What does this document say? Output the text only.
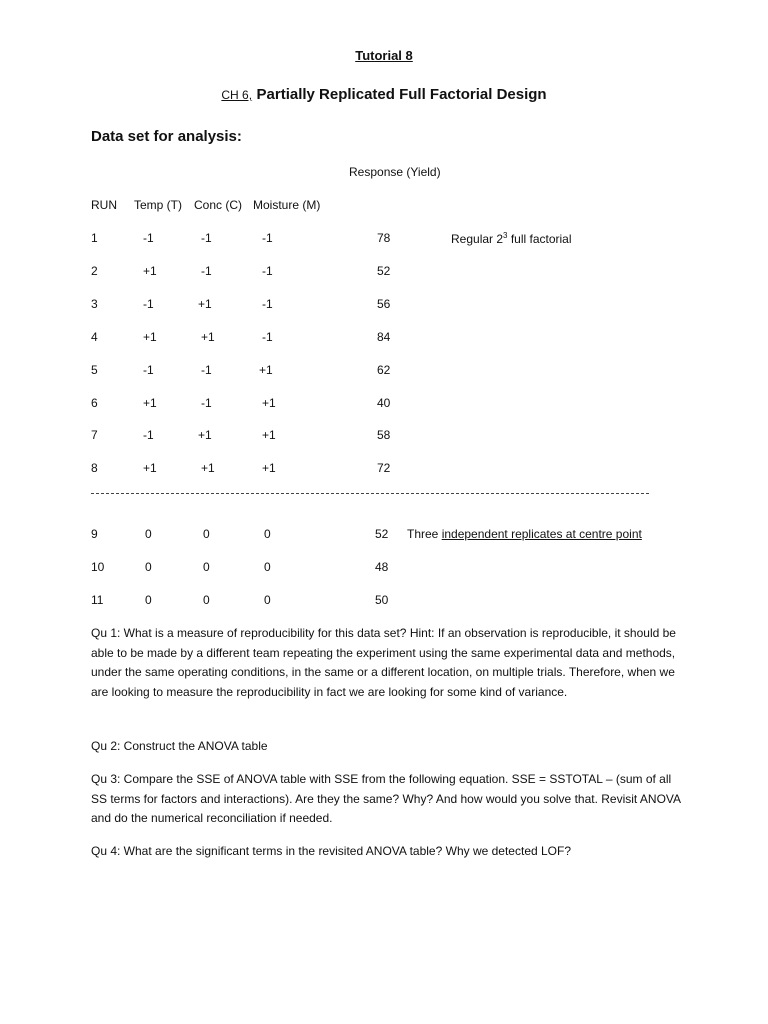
Tutorial 8
CH 6, Partially Replicated Full Factorial Design
Data set for analysis:
Response (Yield)
RUN Temp (T) Conc (C) Moisture (M)
1	-1	-1	-1	78	Regular $2^3$ full factorial
2	+1	-1	-1	52
3	-1	+1	-1	56
4	+1	+1	-1	84
5	-1	-1	+1	62
6	+1	-1	+1	40
7	-1	+1	+1	58
8	+1	+1	+1	72
9	0	0	0	52 Three independent replicates at centre point
10	0	0	0	48
11	0	0	0	50
Qu 1: What is a measure of reproducibility for this data set? Hint: If an observation is reproducible, it should be able to be made by a different team repeating the experiment using the same experimental data and methods, under the same operating conditions, in the same or a different location, on multiple trials. Therefore, when we are looking to measure the reproducibility in fact we are looking for some kind of variance.
Qu 2: Construct the ANOVA table
Qu 3: Compare the SSE of ANOVA table with SSE from the following equation. SSE = SSTOTAL – (sum of all SS terms for factors and interactions). Are they the same? Why? And how would you solve that. Revisit ANOVA and do the numerical reconciliation if needed.
Qu 4: What are the significant terms in the revisited ANOVA table? Why we detected LOF?
